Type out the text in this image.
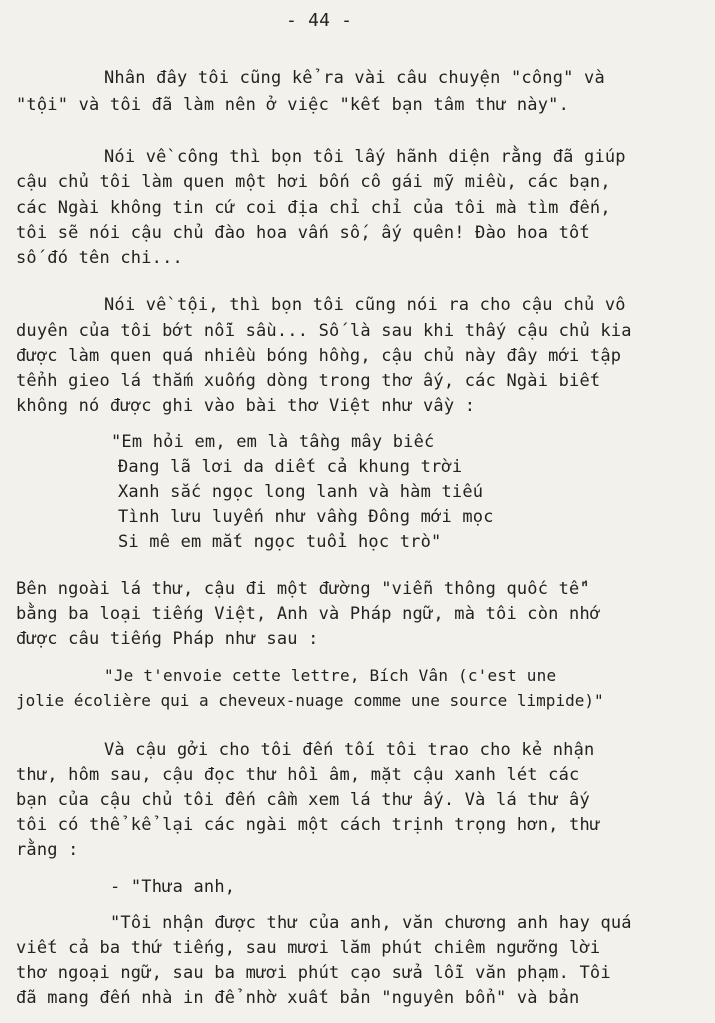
- 44 -
Nhân đây tôi cũng kể ra vài câu chuyện "công" và
"tội" và tôi đã làm nên ở việc "kết bạn tâm thư này".
Nói về công thì bọn tôi lấy hãnh diện rằng đã giúp
cậu chủ tôi làm quen một hơi bốn cô gái mỹ miều, các bạn,
các Ngài không tin cứ coi địa chỉ chỉ của tôi mà tìm đến,
tôi sẽ nói cậu chủ đào hoa vấn số, ấy quên! Đào hoa tốt
số đó tên chi...
Nói về tội, thì bọn tôi cũng nói ra cho cậu chủ vô
duyên của tôi bớt nỗi sầu... Số là sau khi thấy cậu chủ kia
được làm quen quá nhiều bóng hồng, cậu chủ này đây mới tập
tểnh gieo lá thắm xuống dòng trong thơ ấy, các Ngài biết
không nó được ghi vào bài thơ Việt như vầy :
"Em hỏi em, em là tầng mây biếc
Đang lã lơi da diết cả khung trời
Xanh sắc ngọc long lanh và hàm tiếu
Tình lưu luyến như vầng Đông mới mọc
Si mê em mắt ngọc tuổi học trò"
Bên ngoài lá thư, cậu đi một đường "viễn thông quốc tế"
bằng ba loại tiếng Việt, Anh và Pháp ngữ, mà tôi còn nhớ
được câu tiếng Pháp như sau :
"Je t'envoie cette lettre, Bích Vân (c'est une
jolie écolière qui a cheveux-nuage comme une source limpide)"
Và cậu gởi cho tôi đến tối tôi trao cho kẻ nhận
thư, hôm sau, cậu đọc thư hồi âm, mặt cậu xanh lét các
bạn của cậu chủ tôi đến cầm xem lá thư ấy. Và lá thư ấy
tôi có thể kể lại các ngài một cách trịnh trọng hơn, thư
rằng :
- "Thưa anh,
"Tôi nhận được thư của anh, văn chương anh hay quá
viết cả ba thứ tiếng, sau mươi lăm phút chiêm ngưỡng lời
thơ ngoại ngữ, sau ba mươi phút cạo sửa lỗi văn phạm. Tôi
đã mang đến nhà in để nhờ xuất bản "nguyên bổn" và bản
